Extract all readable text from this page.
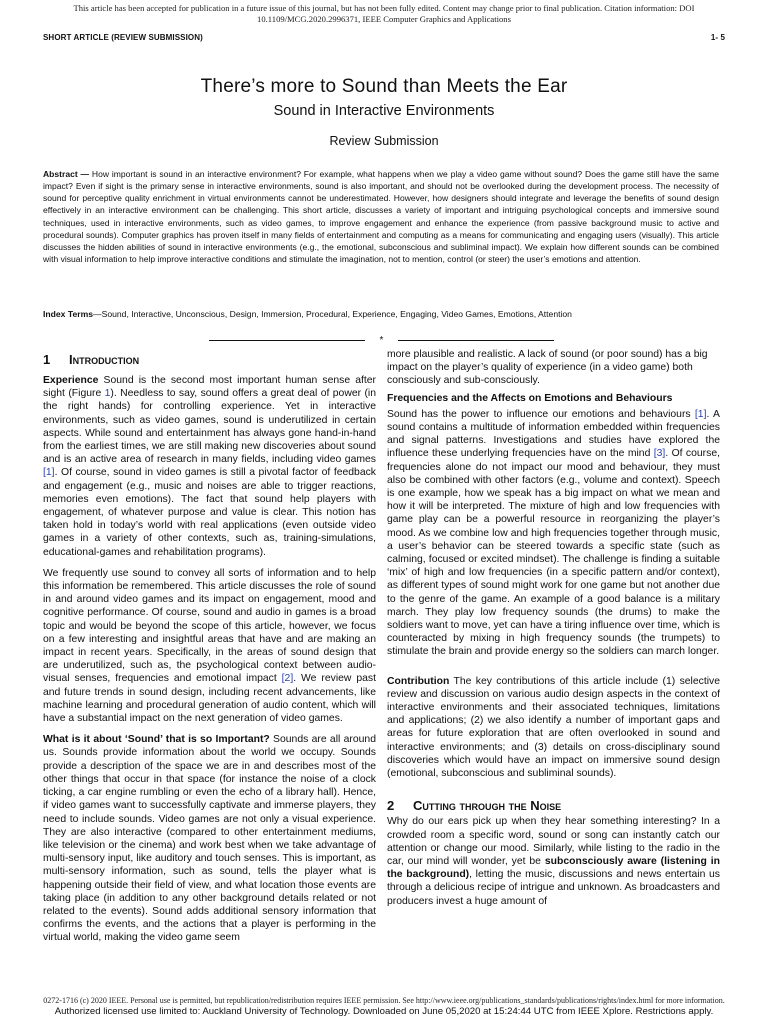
This article has been accepted for publication in a future issue of this journal, but has not been fully edited. Content may change prior to final publication. Citation information: DOI
10.1109/MCG.2020.2996371, IEEE Computer Graphics and Applications
SHORT ARTICLE (REVIEW SUBMISSION)	1- 5
There’s more to Sound than Meets the Ear
Sound in Interactive Environments
Review Submission
Abstract — How important is sound in an interactive environment? For example, what happens when we play a video game without sound? Does the game still have the same impact? Even if sight is the primary sense in interactive environments, sound is also important, and should not be overlooked during the development process. The necessity of sound for perceptive quality enrichment in virtual environments cannot be underestimated. However, how designers should integrate and leverage the benefits of sound design effectively in an interactive environment can be challenging. This short article, discusses a variety of important and intriguing psychological concepts and immersive sound techniques, used in interactive environments, such as video games, to improve engagement and enhance the experience (from passive background music to active and procedural sounds). Computer graphics has proven itself in many fields of entertainment and computing as a means for communicating and engaging users (visually). This article discusses the hidden abilities of sound in interactive environments (e.g., the emotional, subconscious and subliminal impact). We explain how different sounds can be combined with visual information to help improve interactive conditions and stimulate the imagination, not to mention, control (or steer) the user’s emotions and attention.
Index Terms—Sound, Interactive, Unconscious, Design, Immersion, Procedural, Experience, Engaging, Video Games, Emotions, Attention
*
1 Introduction

Experience Sound is the second most important human sense after sight (Figure 1). Needless to say, sound offers a great deal of power (in the right hands) for controlling experience. Yet in interactive environments, such as video games, sound is underutilized in certain aspects. While sound and entertainment has always gone hand-in-hand from the earliest times, we are still making new discoveries about sound and is an active area of research in many fields, including video games [1]. Of course, sound in video games is still a pivotal factor of feedback and engagement (e.g., music and noises are able to trigger reactions, memories even emotions). The fact that sound help players with engagement, of whatever purpose and value is clear. This notion has taken hold in today’s world with real applications (even outside video games in a variety of other contexts, such as, training-simulations, educational-games and rehabilitation programs).

We frequently use sound to convey all sorts of information and to help this information be remembered. This article discusses the role of sound in and around video games and its impact on engagement, mood and cognitive performance. Of course, sound and audio in games is a broad topic and would be beyond the scope of this article, however, we focus on a few interesting and insightful areas that have and are making an impact in recent years. Specifically, in the areas of sound design that are underutilized, such as, the psychological context between audio-visual senses, frequencies and emotional impact [2]. We review past and future trends in sound design, including recent advancements, like machine learning and procedural generation of audio content, which will have a substantial impact on the next generation of video games.

What is it about ‘Sound’ that is so Important? Sounds are all around us. Sounds provide information about the world we occupy. Sounds provide a description of the space we are in and describes most of the other things that occur in that space (for instance the noise of a clock ticking, a car engine rumbling or even the echo of a library hall). Hence, if video games want to successfully captivate and immerse players, they need to include sounds. Video games are not only a visual experience. They are also interactive (compared to other entertainment mediums, like television or the cinema) and work best when we take advantage of multi-sensory input, like auditory and touch senses. This is important, as multi-sensory information, such as sound, tells the player what is happening outside their field of view, and what location those events are taking place (in addition to any other background details related or not related to the events). Sound adds additional sensory information that confirms the events, and the actions that a player is performing in the virtual world, making the video game seem

more plausible and realistic. A lack of sound (or poor sound) has a big impact on the player’s quality of experience (in a video game) both consciously and sub-consciously.

Frequencies and the Affects on Emotions and Behaviours

Sound has the power to influence our emotions and behaviours [1]. A sound contains a multitude of information embedded within frequencies and signal patterns. Investigations and studies have explored the influence these underlying frequencies have on the mind [3]. Of course, frequencies alone do not impact our mood and behaviour, they must also be combined with other factors (e.g., volume and context). Speech is one example, how we speak has a big impact on what we mean and how it will be interpreted. The mixture of high and low frequencies with game play can be a powerful resource in reorganizing the player’s mood. As we combine low and high frequencies together through music, a user’s behavior can be steered towards a specific state (such as calming, focused or excited mindset). The challenge is finding a suitable ‘mix’ of high and low frequencies (in a specific pattern and/or context), as different types of sound might work for one game but not another due to the genre of the game. An example of a good balance is a military march. They play low frequency sounds (the drums) to make the soldiers want to move, yet can have a tiring influence over time, which is counteracted by mixing in high frequency sounds (the trumpets) to stimulate the brain and provide energy so the soldiers can march longer.

Contribution The key contributions of this article include (1) selective review and discussion on various audio design aspects in the context of interactive environments and their associated techniques, limitations and applications; (2) we also identify a number of important gaps and areas for future exploration that are often overlooked in sound and interactive environments; and (3) details on cross-disciplinary sound discoveries which would have an impact on immersive sound design (emotional, subconscious and subliminal sounds).

2 Cutting through the Noise

Why do our ears pick up when they hear something interesting? In a crowded room a specific word, sound or song can instantly catch our attention or change our mood. Similarly, while listing to the radio in the car, our mind will wonder, yet be subconsciously aware (listening in the background), letting the music, discussions and news entertain us through a delicious recipe of intrigue and unknown. As broadcasters and producers invest a huge amount of

0272-1716 (c) 2020 IEEE. Personal use is permitted, but republication/redistribution requires IEEE permission. See http://www.ieee.org/publications_standards/publications/rights/index.html for more information.
Authorized licensed use limited to: Auckland University of Technology. Downloaded on June 05,2020 at 15:24:44 UTC from IEEE Xplore. Restrictions apply.
